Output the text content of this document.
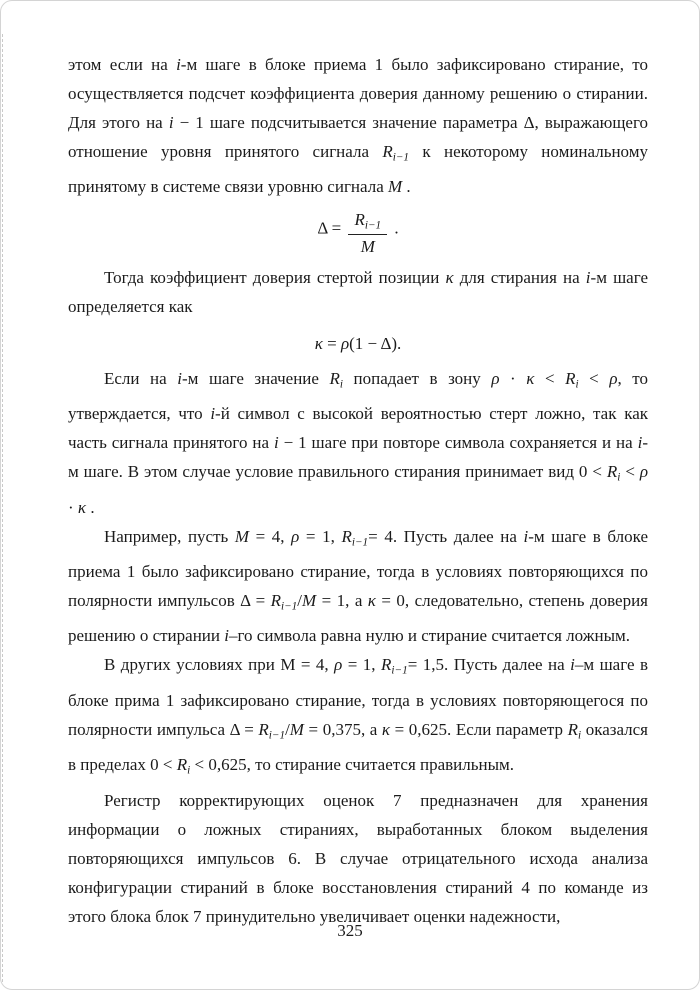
этом если на i-м шаге в блоке приема 1 было зафиксировано стирание, то осуществляется подсчет коэффициента доверия данному решению о стирании. Для этого на i − 1 шаге подсчитывается значение параметра Δ, выражающего отношение уровня принятого сигнала $R_{i-1}$ к некоторому номинальному принятому в системе связи уровню сигнала M .
$\Delta = \frac{R_{i-1}}{M}$ .
Тогда коэффициент доверия стертой позиции κ для стирания на i-м шаге определяется как
κ = ρ(1 − Δ).
Если на i-м шаге значение $R_i$ попадает в зону $\rho \cdot \kappa < R_i < \rho$, то утверждается, что i-й символ с высокой вероятностью стерт ложно, так как часть сигнала принятого на i − 1 шаге при повторе символа сохраняется и на i-м шаге. В этом случае условие правильного стирания принимает вид $0 < R_i < \rho \cdot \kappa$ .
Например, пусть M = 4, ρ = 1, $R_{i-1}= 4$. Пусть далее на i-м шаге в блоке приема 1 было зафиксировано стирание, тогда в условиях повторяющихся по полярности импульсов $\Delta = R_{i-1}/M = 1$, а κ = 0, следовательно, степень доверия решению о стирании i–го символа равна нулю и стирание считается ложным.
В других условиях при М = 4, ρ = 1, $R_{i-1}= 1,5$. Пусть далее на i–м шаге в блоке прима 1 зафиксировано стирание, тогда в условиях повторяющегося по полярности импульса $\Delta = R_{i-1}/M = 0,375$, а κ = 0,625. Если параметр $R_i$ оказался в пределах $0 < R_i < 0,625$, то стирание считается правильным.
Регистр корректирующих оценок 7 предназначен для хранения информации о ложных стираниях, выработанных блоком выделения повторяющихся импульсов 6. В случае отрицательного исхода анализа конфигурации стираний в блоке восстановления стираний 4 по команде из этого блока блок 7 принудительно увеличивает оценки надежности,
325
